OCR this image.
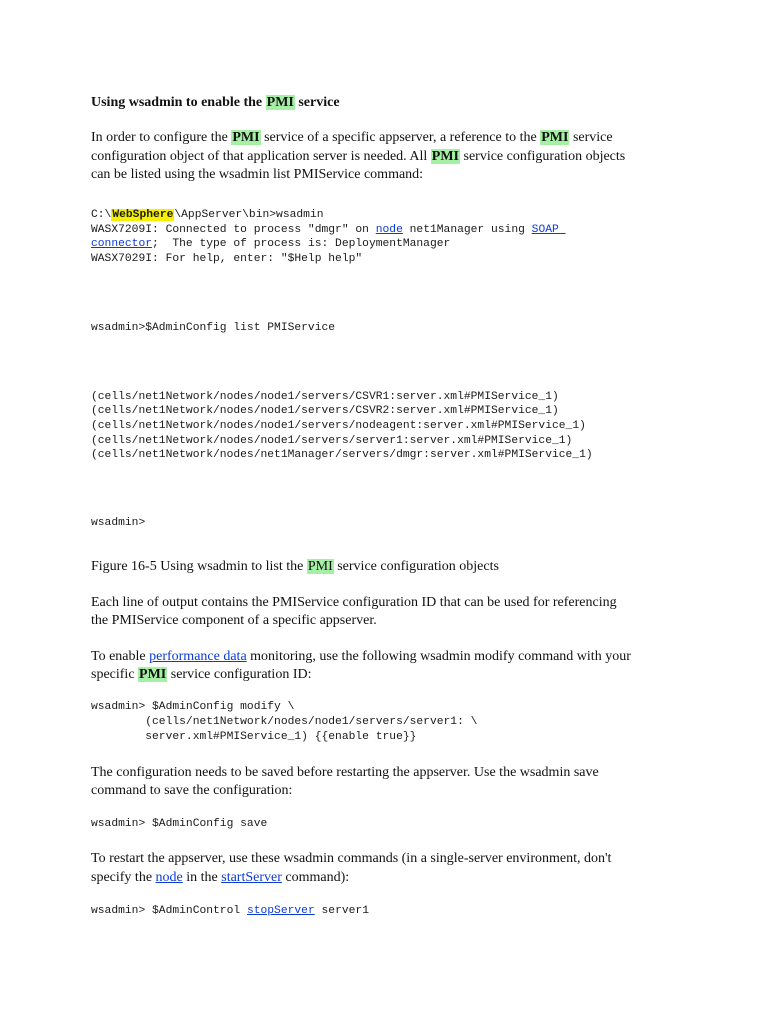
Using wsadmin to enable the PMI service

In order to configure the PMI service of a specific appserver, a reference to the PMI service

configuration object of that application server is needed. All PMI service configuration objects

can be listed using the wsadmin list PMIService command:

C:\WebSphere\AppServer\bin>wsadmin
WASX7209I: Connected to process "dmgr" on node net1Manager using SOAP
connector;  The type of process is: DeploymentManager
WASX7029I: For help, enter: "$Help help"
wsadmin>$AdminConfig list PMIService
(cells/net1Network/nodes/node1/servers/CSVR1:server.xml#PMIService_1)
(cells/net1Network/nodes/node1/servers/CSVR2:server.xml#PMIService_1)
(cells/net1Network/nodes/node1/servers/nodeagent:server.xml#PMIService_1)
(cells/net1Network/nodes/node1/servers/server1:server.xml#PMIService_1)
(cells/net1Network/nodes/net1Manager/servers/dmgr:server.xml#PMIService_1)
wsadmin>

Figure 16-5 Using wsadmin to list the PMI service configuration objects

Each line of output contains the PMIService configuration ID that can be used for referencing

the PMIService component of a specific appserver.

To enable performance data monitoring, use the following wsadmin modify command with your

specific PMI service configuration ID:

wsadmin> $AdminConfig modify \
(cells/net1Network/nodes/node1/servers/server1: \
server.xml#PMIService_1) {{enable true}}

The configuration needs to be saved before restarting the appserver. Use the wsadmin save

command to save the configuration:

wsadmin> $AdminConfig save

To restart the appserver, use these wsadmin commands (in a single-server environment, don't

specify the node in the startServer command):

wsadmin> $AdminControl stopServer server1
